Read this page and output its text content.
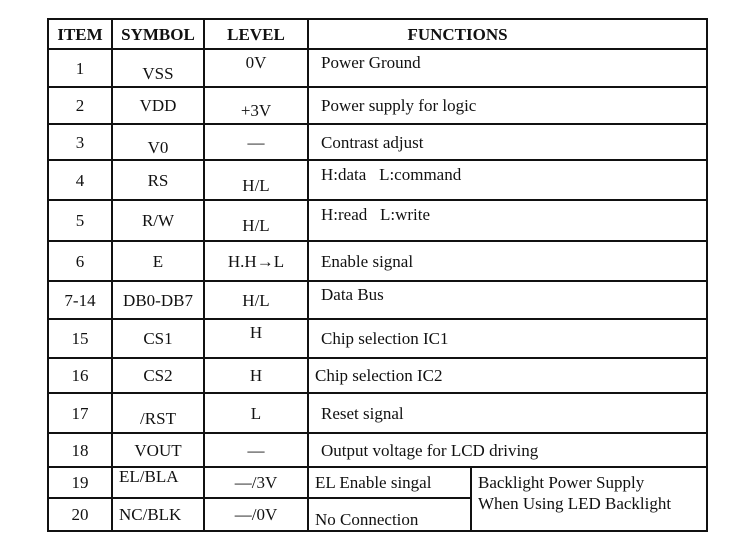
ITEM	SYMBOL	LEVEL	FUNCTIONS	
1	VSS	0V	Power Ground	
2	VDD	+3V	Power supply for logic	
3	V0	—	Contrast adjust	
4	RS	H/L	H:data   L:command	
5	R/W	H/L	H:read   L:write	
6	E	H.H→L	Enable signal	
7-14	DB0-DB7	H/L	Data Bus	
15	CS1	H	Chip selection IC1	
16	CS2	H	Chip selection IC2	
17	/RST	L	Reset signal	
18	VOUT	—	Output voltage for LCD driving	
19	EL/BLA	—/3V	EL Enable singal	Backlight Power Supply
When Using LED Backlight

20	NC/BLK	—/0V	No Connection	
